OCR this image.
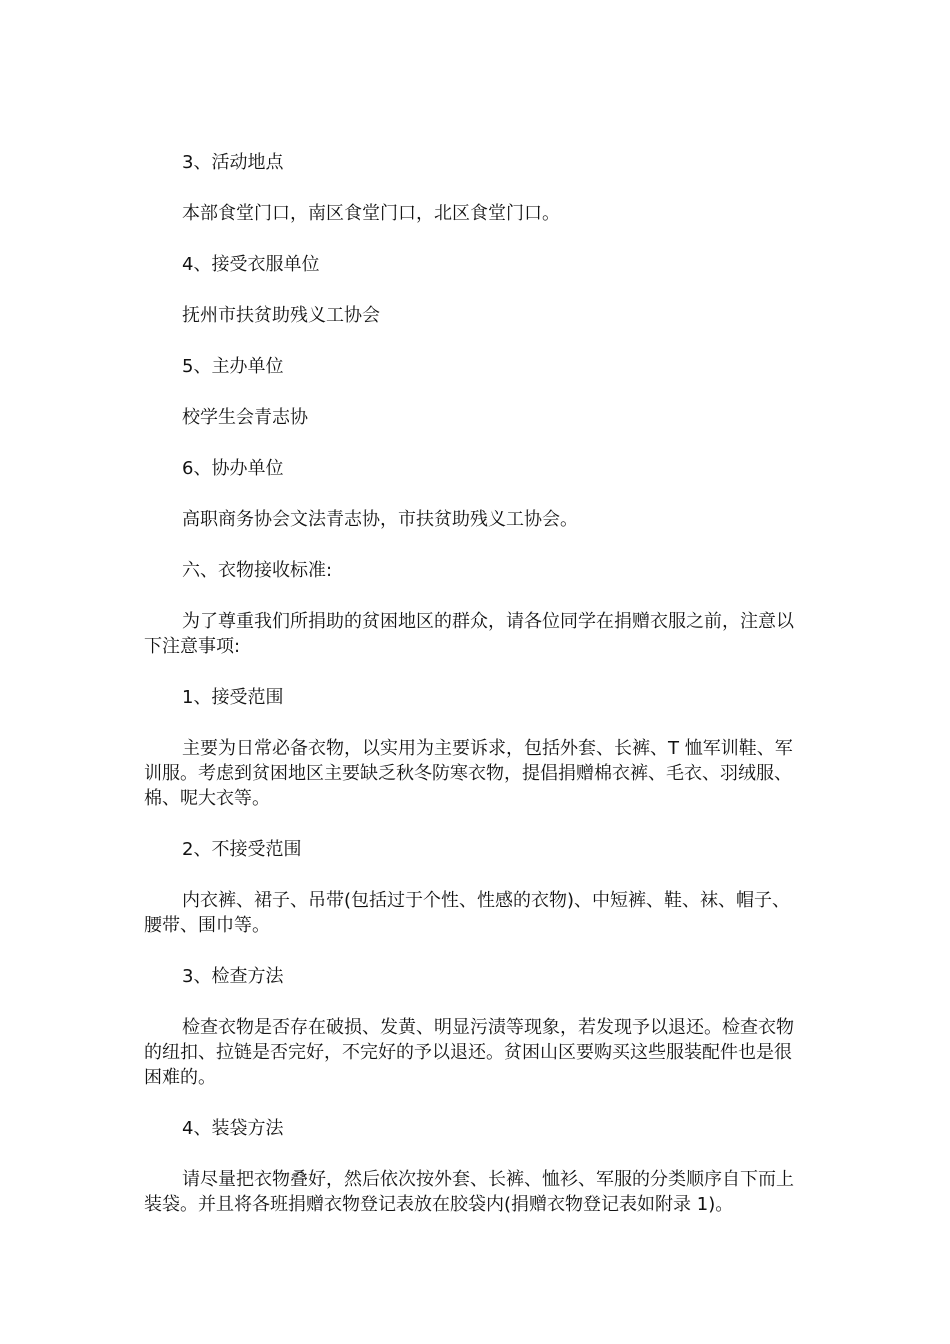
3、活动地点

本部食堂门口，南区食堂门口，北区食堂门口。

4、接受衣服单位

抚州市扶贫助残义工协会

5、主办单位

校学生会青志协

6、协办单位

高职商务协会文法青志协，市扶贫助残义工协会。

六、衣物接收标准:

为了尊重我们所捐助的贫困地区的群众，请各位同学在捐赠衣服之前，注意以下注意事项:

1、接受范围

主要为日常必备衣物，以实用为主要诉求，包括外套、长裤、T 恤军训鞋、军训服。考虑到贫困地区主要缺乏秋冬防寒衣物，提倡捐赠棉衣裤、毛衣、羽绒服、棉、呢大衣等。

2、不接受范围

内衣裤、裙子、吊带(包括过于个性、性感的衣物)、中短裤、鞋、袜、帽子、腰带、围巾等。

3、检查方法

检查衣物是否存在破损、发黄、明显污渍等现象，若发现予以退还。检查衣物的纽扣、拉链是否完好，不完好的予以退还。贫困山区要购买这些服装配件也是很困难的。

4、装袋方法

请尽量把衣物叠好，然后依次按外套、长裤、恤衫、军服的分类顺序自下而上装袋。并且将各班捐赠衣物登记表放在胶袋内(捐赠衣物登记表如附录 1)。
